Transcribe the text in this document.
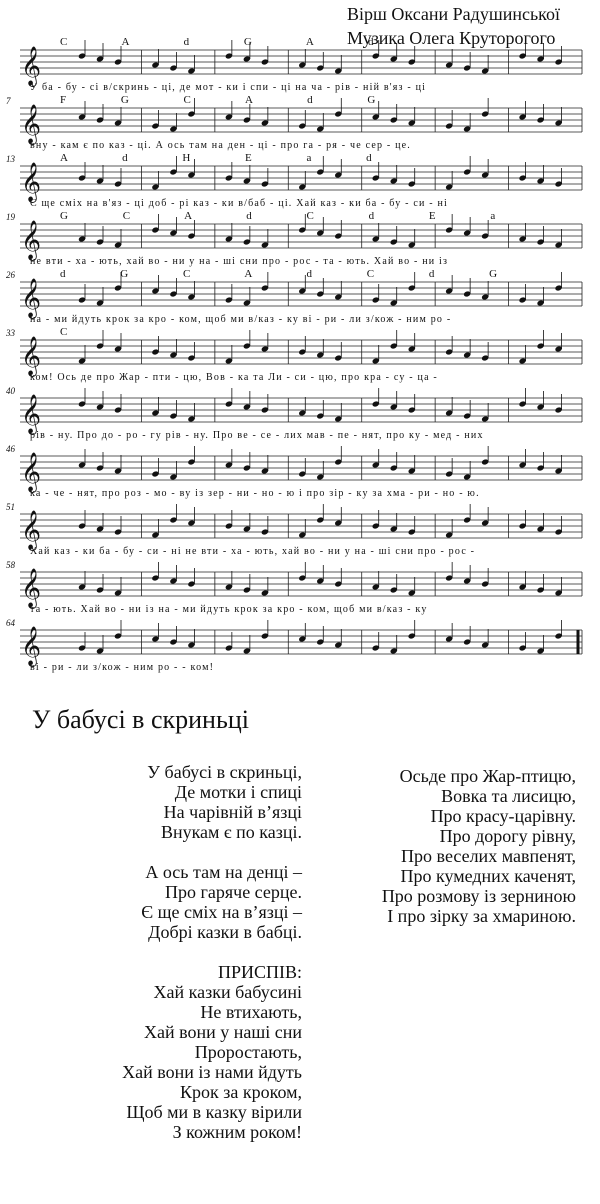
Вірш Оксани Радушинської
Музика Олега Круторогого
𝄞
𝄞
𝄞
𝄞
𝄞
𝄞
𝄞
𝄞
𝄞
𝄞
𝄞
C A d G A d
У ба - бу - сі в/скринь - ці, де мот - ки і спи - ці на ча - рів - ній в'яз - ці
7	F G C A d G
вну - кам є по каз - ці. А ось там на ден - ці - про га - ря - че сер - це.
13	A d H E a d
Є ще сміх на в'яз - ці доб - рі каз - ки в/баб - ці. Хай каз - ки ба - бу - си - ні
19	G C A d C d E a
не вти - ха - ють, хай во - ни у на - ші сни про - рос - та - ють. Хай во - ни із
26	d G C A d C d G
на - ми йдуть крок за кро - ком, щоб ми в/каз - ку ві - ри - ли з/кож - ним ро -
33	C
ком! Ось де про Жар - пти - цю, Вов - ка та Ли - си - цю, про кра - су - ца -
40
рів - ну. Про до - ро - гу рів - ну. Про ве - се - лих мав - пе - нят, про ку - мед - них
46
ка - че - нят, про роз - мо - ву із зер - ни - но - ю і про зір - ку за хма - ри - но - ю.
51
Хай каз - ки ба - бу - си - ні не вти - ха - ють, хай во - ни у на - ші сни про - рос -
58
та - ють. Хай во - ни із на - ми йдуть крок за кро - ком, щоб ми в/каз - ку
64
ві - ри - ли з/кож - ним ро - - ком!
У бабусі в скриньці
У бабусі в скриньці,
Де мотки і спиці
На чарівній в’язці
Внукам є по казці.
А ось там на денці –
Про гаряче серце.
Є ще сміх на в’язці –
Добрі казки в бабці.
ПРИСПІВ:
Хай казки бабусині
Не втихають,
Хай вони у наші сни
Проростають,
Хай вони із нами йдуть
Крок за кроком,
Щоб ми в казку вірили
З кожним роком!
Осьде про Жар-птицю,
Вовка та лисицю,
Про красу-царівну.
Про дорогу рівну,
Про веселих мавпенят,
Про кумедних каченят,
Про розмову із зерниною
І про зірку за хмариною.
